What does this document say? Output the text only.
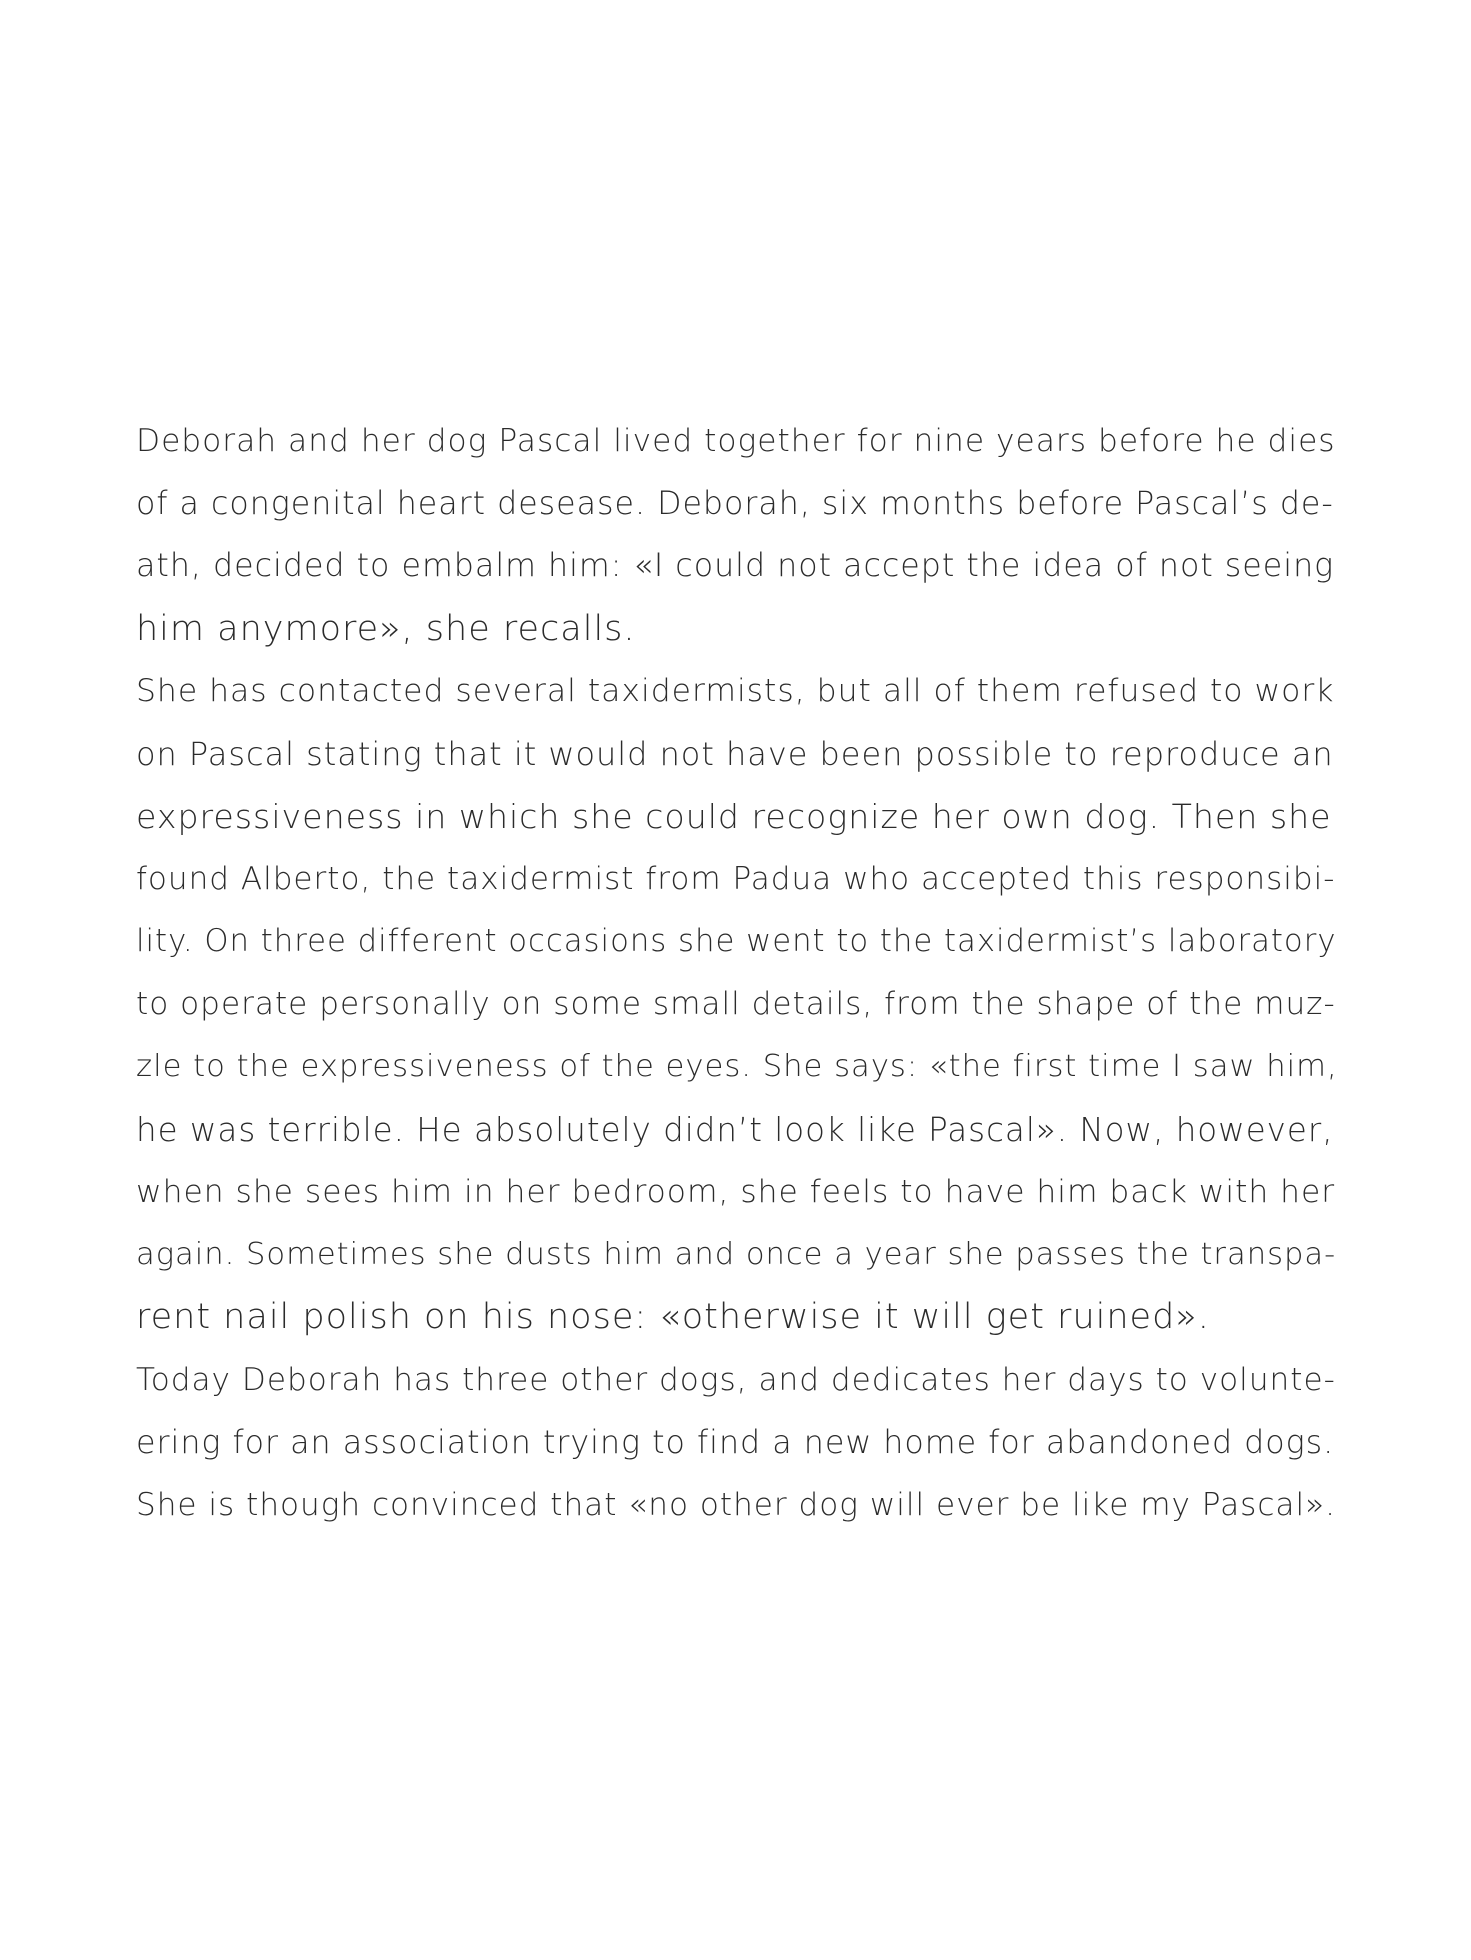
Deborah and her dog Pascal lived together for nine years before he dies
of a congenital heart desease. Deborah, six months before Pascal’s de-
ath, decided to embalm him: «I could not accept the idea of not seeing
him anymore», she recalls.
She has contacted several taxidermists, but all of them refused to work
on Pascal stating that it would not have been possible to reproduce an
expressiveness in which she could recognize her own dog. Then she
found Alberto, the taxidermist from Padua who accepted this responsibi-
lity. On three different occasions she went to the taxidermist’s laboratory
to operate personally on some small details, from the shape of the muz-
zle to the expressiveness of the eyes. She says: «the first time I saw him,
he was terrible. He absolutely didn’t look like Pascal». Now, however,
when she sees him in her bedroom, she feels to have him back with her
again. Sometimes she dusts him and once a year she passes the transpa-
rent nail polish on his nose: «otherwise it will get ruined».
Today Deborah has three other dogs, and dedicates her days to volunte-
ering for an association trying to find a new home for abandoned dogs.
She is though convinced that «no other dog will ever be like my Pascal».
